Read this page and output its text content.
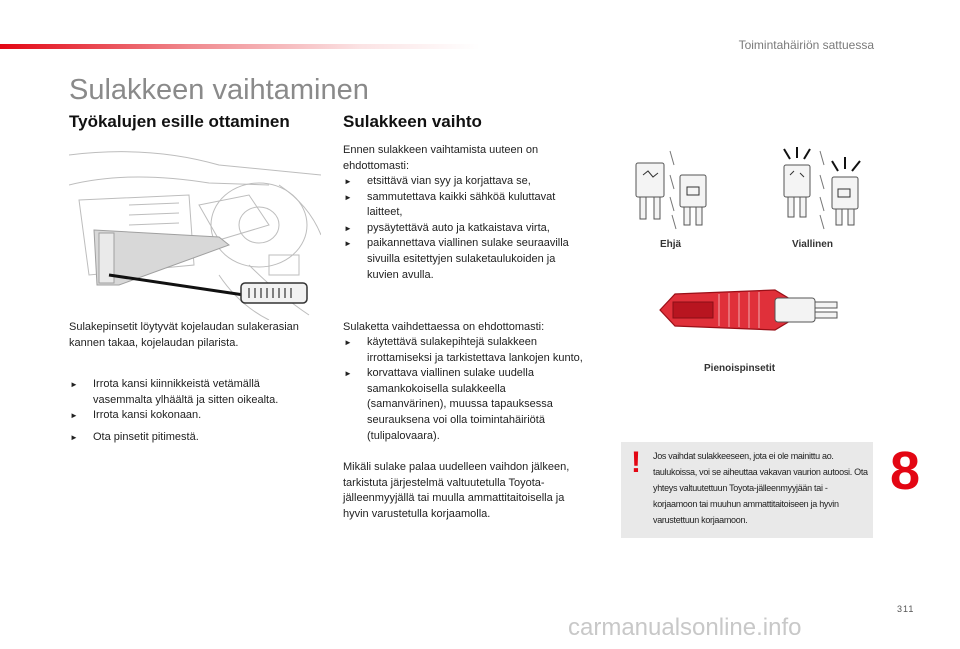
Toimintahäiriön sattuessa
Sulakkeen vaihtaminen
Työkalujen esille ottaminen
Sulakepinsetit löytyvät kojelaudan sulakerasian kannen takaa, kojelaudan pilarista.
► Irrota kansi kiinnikkeistä vetämällä vasemmalta ylhäältä ja sitten oikealta.
► Irrota kansi kokonaan.
► Ota pinsetit pitimestä.
Sulakkeen vaihto
Ennen sulakkeen vaihtamista uuteen on ehdottomasti:
► etsittävä vian syy ja korjattava se,
► sammutettava kaikki sähköä kuluttavat laitteet,
► pysäytettävä auto ja katkaistava virta,
► paikannettava viallinen sulake seuraavilla sivuilla esitettyjen sulaketaulukoiden ja kuvien avulla.
Sulaketta vaihdettaessa on ehdottomasti:
► käytettävä sulakepihtejä sulakkeen irrottamiseksi ja tarkistettava lankojen kunto,
► korvattava viallinen sulake uudella samankokoisella sulakkeella (samanvärinen), muussa tapauksessa seurauksena voi olla toimintahäiriötä (tulipalovaara).
Mikäli sulake palaa uudelleen vaihdon jälkeen, tarkistuta järjestelmä valtuutetulla Toyota-jälleenmyyjällä tai muulla ammattitaitoisella ja hyvin varustetulla korjaamolla.
Ehjä	Viallinen
Pienoispinsetit
! Jos vaihdat sulakkeeseen, jota ei ole mainittu ao. taulukoissa, voi se aiheuttaa vakavan vaurion autoosi. Ota yhteys valtuutettuun Toyota-jälleenmyyjään tai -korjaamoon tai muuhun ammattitaitoiseen ja hyvin varustettuun korjaamoon.
8
311
carmanualsonline.info
